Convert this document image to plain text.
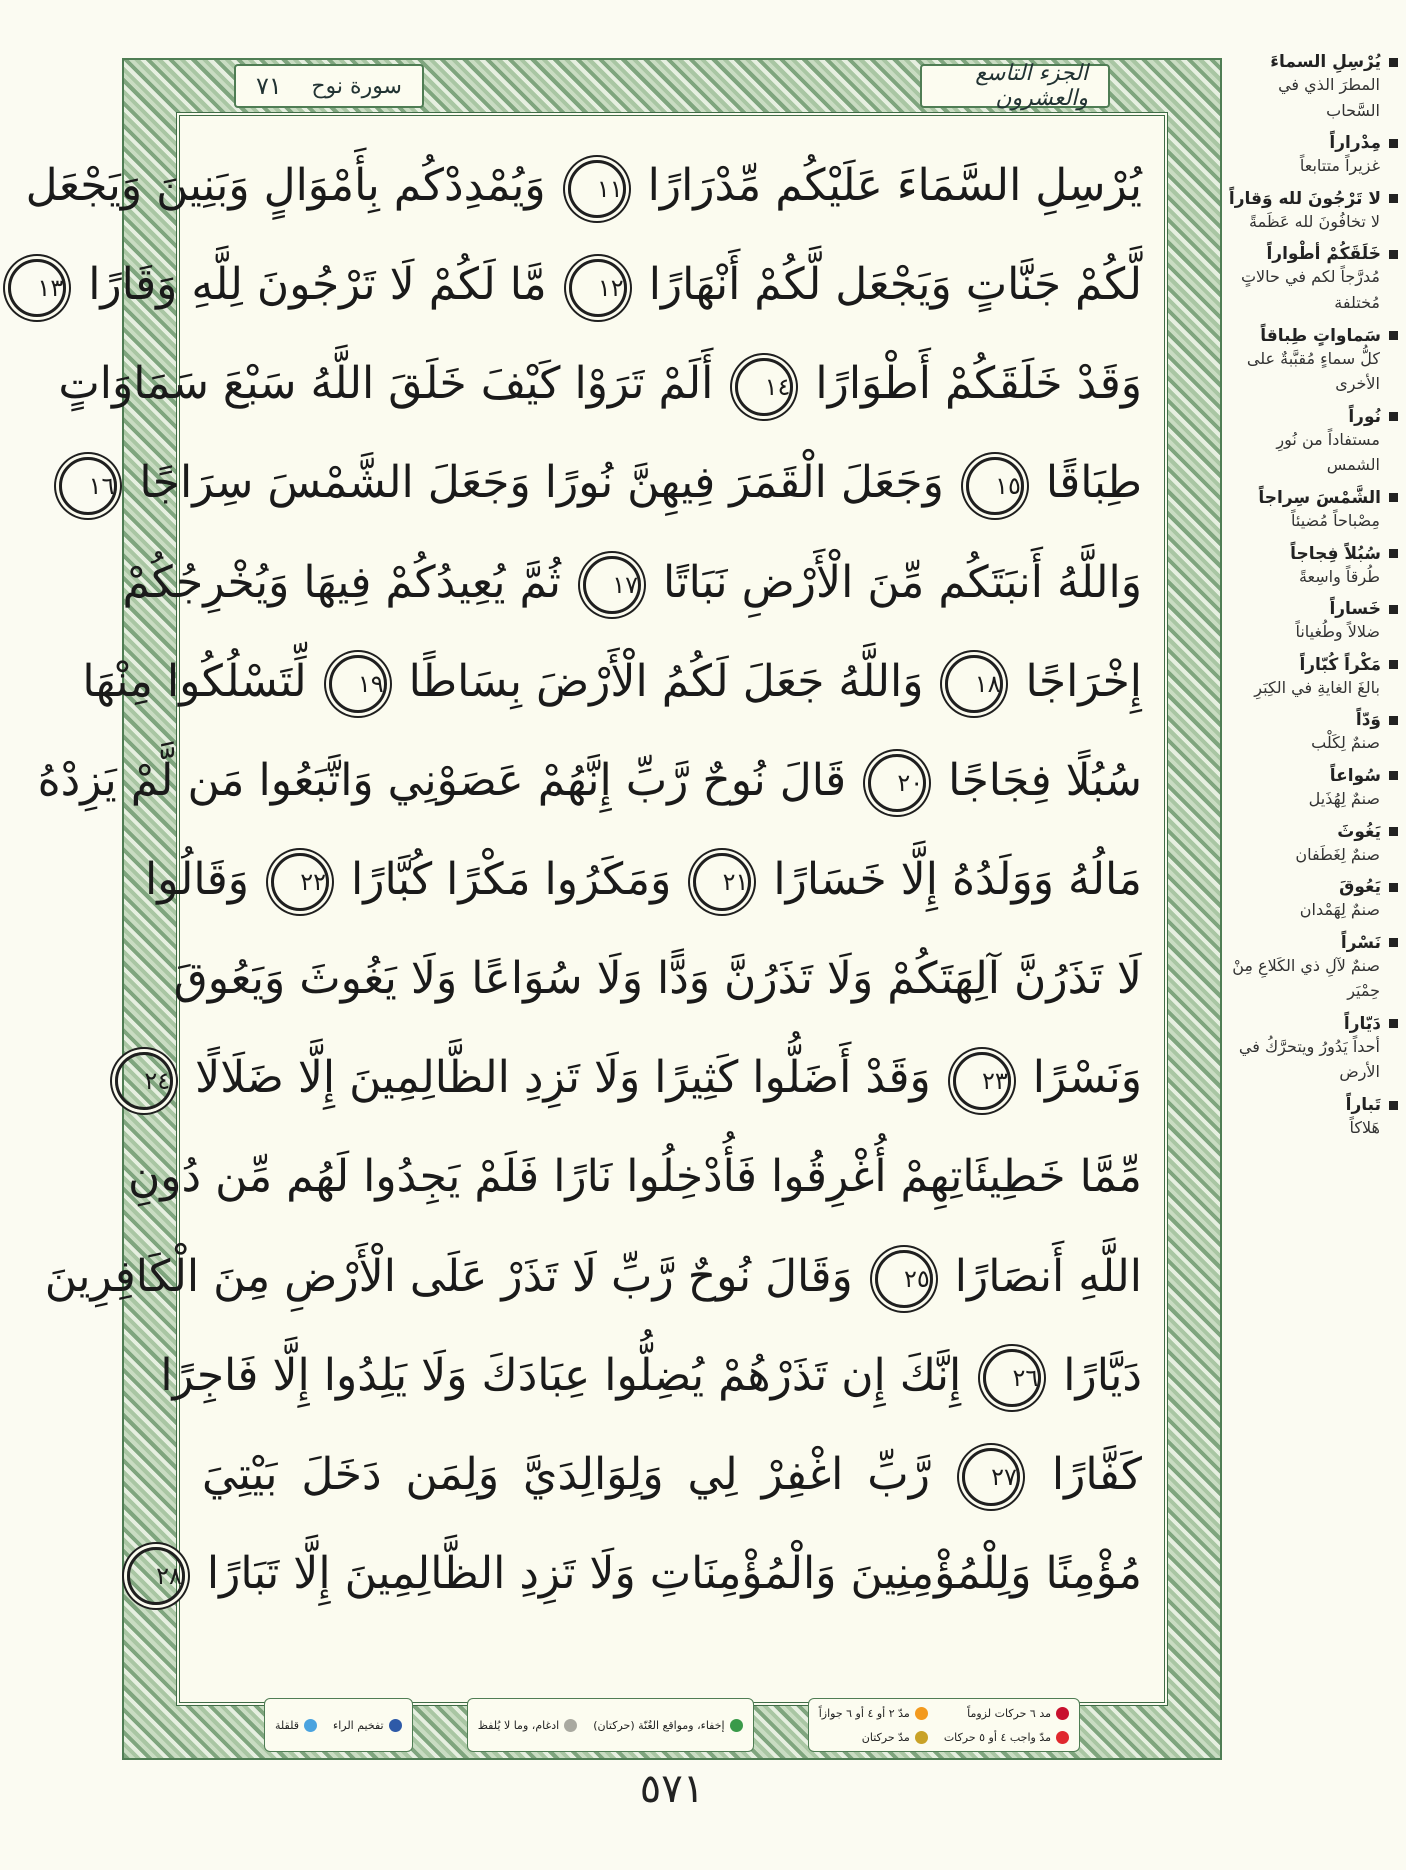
الجزء التاسع والعشرون
سورة نوح
٧١
يُرْسِلِ السَّمَاءَ عَلَيْكُم مِّدْرَارًا ١١ وَيُمْدِدْكُم بِأَمْوَالٍ وَبَنِينَ وَيَجْعَل
لَّكُمْ جَنَّاتٍ وَيَجْعَل لَّكُمْ أَنْهَارًا ١٢ مَّا لَكُمْ لَا تَرْجُونَ لِلَّهِ وَقَارًا ١٣
وَقَدْ خَلَقَكُمْ أَطْوَارًا ١٤ أَلَمْ تَرَوْا كَيْفَ خَلَقَ اللَّهُ سَبْعَ سَمَاوَاتٍ
طِبَاقًا ١٥ وَجَعَلَ الْقَمَرَ فِيهِنَّ نُورًا وَجَعَلَ الشَّمْسَ سِرَاجًا ١٦
وَاللَّهُ أَنبَتَكُم مِّنَ الْأَرْضِ نَبَاتًا ١٧ ثُمَّ يُعِيدُكُمْ فِيهَا وَيُخْرِجُكُمْ
إِخْرَاجًا ١٨ وَاللَّهُ جَعَلَ لَكُمُ الْأَرْضَ بِسَاطًا ١٩ لِّتَسْلُكُوا مِنْهَا
سُبُلًا فِجَاجًا ٢٠ قَالَ نُوحٌ رَّبِّ إِنَّهُمْ عَصَوْنِي وَاتَّبَعُوا مَن لَّمْ يَزِدْهُ
مَالُهُ وَوَلَدُهُ إِلَّا خَسَارًا ٢١ وَمَكَرُوا مَكْرًا كُبَّارًا ٢٢ وَقَالُوا
لَا تَذَرُنَّ آلِهَتَكُمْ وَلَا تَذَرُنَّ وَدًّا وَلَا سُوَاعًا وَلَا يَغُوثَ وَيَعُوقَ
وَنَسْرًا ٢٣ وَقَدْ أَضَلُّوا كَثِيرًا وَلَا تَزِدِ الظَّالِمِينَ إِلَّا ضَلَالًا ٢٤
مِّمَّا خَطِيئَاتِهِمْ أُغْرِقُوا فَأُدْخِلُوا نَارًا فَلَمْ يَجِدُوا لَهُم مِّن دُونِ
اللَّهِ أَنصَارًا ٢٥ وَقَالَ نُوحٌ رَّبِّ لَا تَذَرْ عَلَى الْأَرْضِ مِنَ الْكَافِرِينَ
دَيَّارًا ٢٦ إِنَّكَ إِن تَذَرْهُمْ يُضِلُّوا عِبَادَكَ وَلَا يَلِدُوا إِلَّا فَاجِرًا
كَفَّارًا ٢٧ رَّبِّ اغْفِرْ لِي وَلِوَالِدَيَّ وَلِمَن دَخَلَ بَيْتِيَ
مُؤْمِنًا وَلِلْمُؤْمِنِينَ وَالْمُؤْمِنَاتِ وَلَا تَزِدِ الظَّالِمِينَ إِلَّا تَبَارًا ٢٨
مد ٦ حركات لزوماً
مدّ ٢ أو ٤ أو ٦ جوازاً
مدّ واجب ٤ أو ٥ حركات
مدّ حركتان
إخفاء، ومواقع الغُنّة (حركتان)
ادغام، وما لا يُلفظ
تفخيم الراء
قلقلة
٥٧١
يُرْسِلِ السماءَ
المطرَ الذي في السَّحاب
مِدْراراً
غزيراً متتابعاً
لا تَرْجُونَ لله وَقاراً
لا تخافُونَ لله عَظَمةً
خَلَقَكُمْ أطْواراً
مُدرَّجاً لكم في حالاتٍ مُختلفة
سَماواتٍ طِباقاً
كلُّ سماءٍ مُقبَّبةٌ على الأخرى
نُوراً
مستفاداً من نُورِ الشمس
الشَّمْسَ سِراجاً
مِصْباحاً مُضيئاً
سُبُلاً فِجاجاً
طُرقاً واسِعةً
خَساراً
ضلالاً وطُغياناً
مَكْراً كُبّاراً
بالغَ الغايةِ في الكِبَرِ
وَدّاً
صنمٌ لِكَلْب
سُواعاً
صنمٌ لِهُذَيل
يَغُوثَ
صنمٌ لِغَطَفان
يَعُوقَ
صنمٌ لِهَمْدان
نَسْراً
صنمٌ لآلِ ذي الكَلاعِ مِنْ حِمْيَر
دَيّاراً
أحداً يَدُورُ ويتحرَّكُ في الأرض
تَباراً
هَلاكاً
